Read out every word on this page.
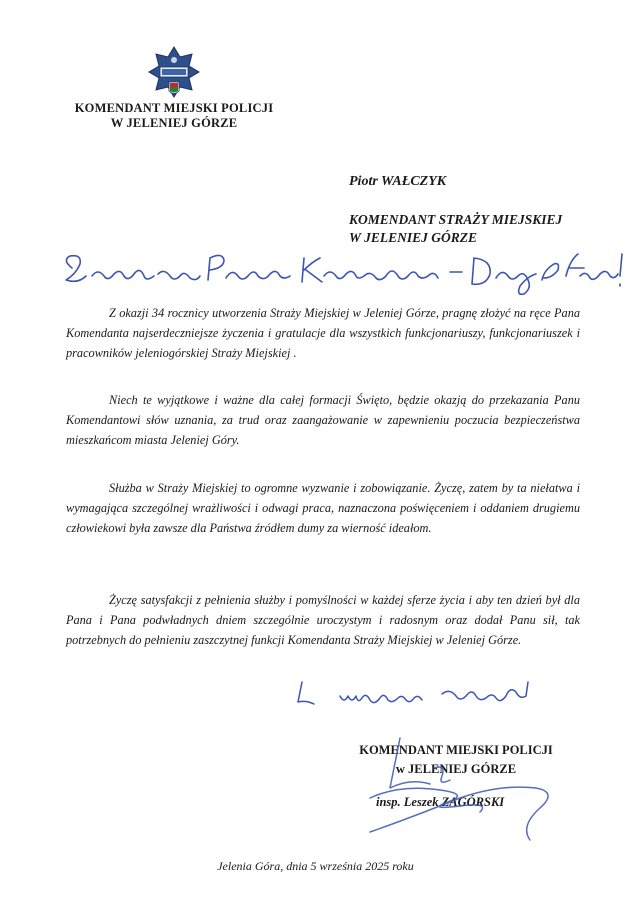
KOMENDANT MIEJSKI POLICJI
W JELENIEJ GÓRZE
Piotr WAŁCZYK
KOMENDANT STRAŻY MIEJSKIEJ
W JELENIEJ GÓRZE

Z okazji 34 rocznicy utworzenia Straży Miejskiej w Jeleniej Górze, pragnę złożyć na ręce Pana Komendanta najserdeczniejsze życzenia i gratulacje dla wszystkich funkcjonariuszy, funkcjonariuszek i pracowników jeleniogórskiej Straży Miejskiej .

Niech te wyjątkowe i ważne dla całej formacji Święto, będzie okazją do przekazania Panu Komendantowi słów uznania, za trud oraz zaangażowanie w zapewnieniu poczucia bezpieczeństwa mieszkańcom miasta Jeleniej Góry.

Służba w Straży Miejskiej to ogromne wyzwanie i zobowiązanie. Życzę, zatem by ta niełatwa i wymagająca szczególnej wrażliwości i odwagi praca, naznaczona poświęceniem i oddaniem drugiemu człowiekowi była zawsze dla Państwa źródłem dumy za wierność ideałom.

Życzę satysfakcji z pełnienia służby i pomyślności w każdej sferze życia i aby ten dzień był dla Pana i Pana podwładnych dniem szczególnie uroczystym i radosnym oraz dodał Panu sił, tak potrzebnych do pełnieniu zaszczytnej funkcji Komendanta Straży Miejskiej w Jeleniej Górze.

KOMENDANT MIEJSKI POLICJI
w JELENIEJ GÓRZE
insp. Leszek ZAGÓRSKI
Jelenia Góra, dnia 5 września 2025 roku
